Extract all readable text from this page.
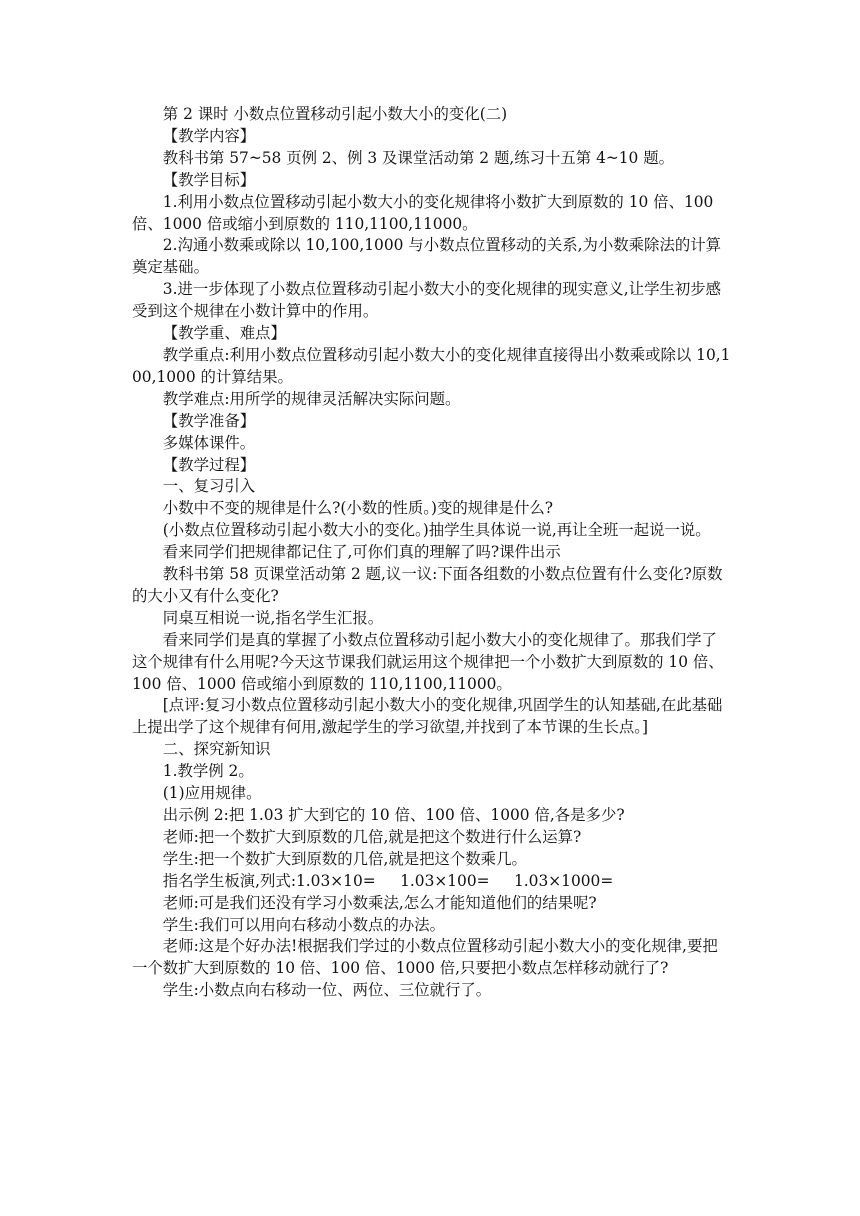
第 2 课时 小数点位置移动引起小数大小的变化(二)

【教学内容】

教科书第 57~58 页例 2、例 3 及课堂活动第 2 题,练习十五第 4~10 题。

【教学目标】

1.利用小数点位置移动引起小数大小的变化规律将小数扩大到原数的 10 倍、100 倍、1000 倍或缩小到原数的 110,1100,11000。

2.沟通小数乘或除以 10,100,1000 与小数点位置移动的关系,为小数乘除法的计算奠定基础。

3.进一步体现了小数点位置移动引起小数大小的变化规律的现实意义,让学生初步感受到这个规律在小数计算中的作用。

【教学重、难点】

教学重点:利用小数点位置移动引起小数大小的变化规律直接得出小数乘或除以 10,100,1000 的计算结果。

教学难点:用所学的规律灵活解决实际问题。

【教学准备】

多媒体课件。

【教学过程】

一、复习引入

小数中不变的规律是什么?(小数的性质。)变的规律是什么?

(小数点位置移动引起小数大小的变化。)抽学生具体说一说,再让全班一起说一说。

看来同学们把规律都记住了,可你们真的理解了吗?课件出示

教科书第 58 页课堂活动第 2 题,议一议:下面各组数的小数点位置有什么变化?原数的大小又有什么变化?

同桌互相说一说,指名学生汇报。

看来同学们是真的掌握了小数点位置移动引起小数大小的变化规律了。那我们学了这个规律有什么用呢?今天这节课我们就运用这个规律把一个小数扩大到原数的 10 倍、100 倍、1000 倍或缩小到原数的 110,1100,11000。

[点评:复习小数点位置移动引起小数大小的变化规律,巩固学生的认知基础,在此基础上提出学了这个规律有何用,激起学生的学习欲望,并找到了本节课的生长点。]

二、探究新知识

1.教学例 2。

(1)应用规律。

出示例 2:把 1.03 扩大到它的 10 倍、100 倍、1000 倍,各是多少?

老师:把一个数扩大到原数的几倍,就是把这个数进行什么运算?

学生:把一个数扩大到原数的几倍,就是把这个数乘几。

指名学生板演,列式:1.03×10=     1.03×100=     1.03×1000=

老师:可是我们还没有学习小数乘法,怎么才能知道他们的结果呢?

学生:我们可以用向右移动小数点的办法。

老师:这是个好办法!根据我们学过的小数点位置移动引起小数大小的变化规律,要把一个数扩大到原数的 10 倍、100 倍、1000 倍,只要把小数点怎样移动就行了?

学生:小数点向右移动一位、两位、三位就行了。
